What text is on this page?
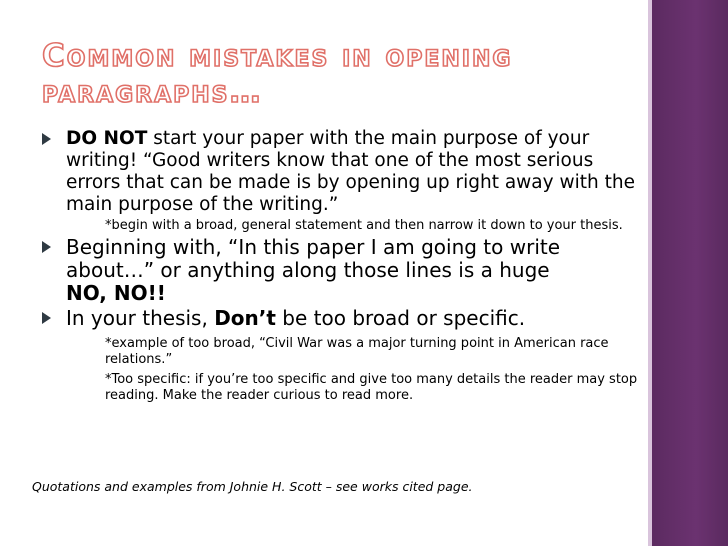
Common mistakes in opening
paragraphs…

DO NOT start your paper with the main purpose of your writing! “Good writers know that one of the most serious errors that can be made is by opening up right away with the main purpose of the writing.”

*begin with a broad, general statement and then narrow it down to your thesis.

Beginning with, “In this paper I am going to write about…” or anything along those lines is a huge
NO, NO!!

In your thesis, Don’t be too broad or specific.

*example of too broad, “Civil War was a major turning point in American race relations.”

*Too specific: if you’re too specific and give too many details the reader may stop reading. Make the reader curious to read more.

Quotations and examples from Johnie H. Scott – see works cited page.
